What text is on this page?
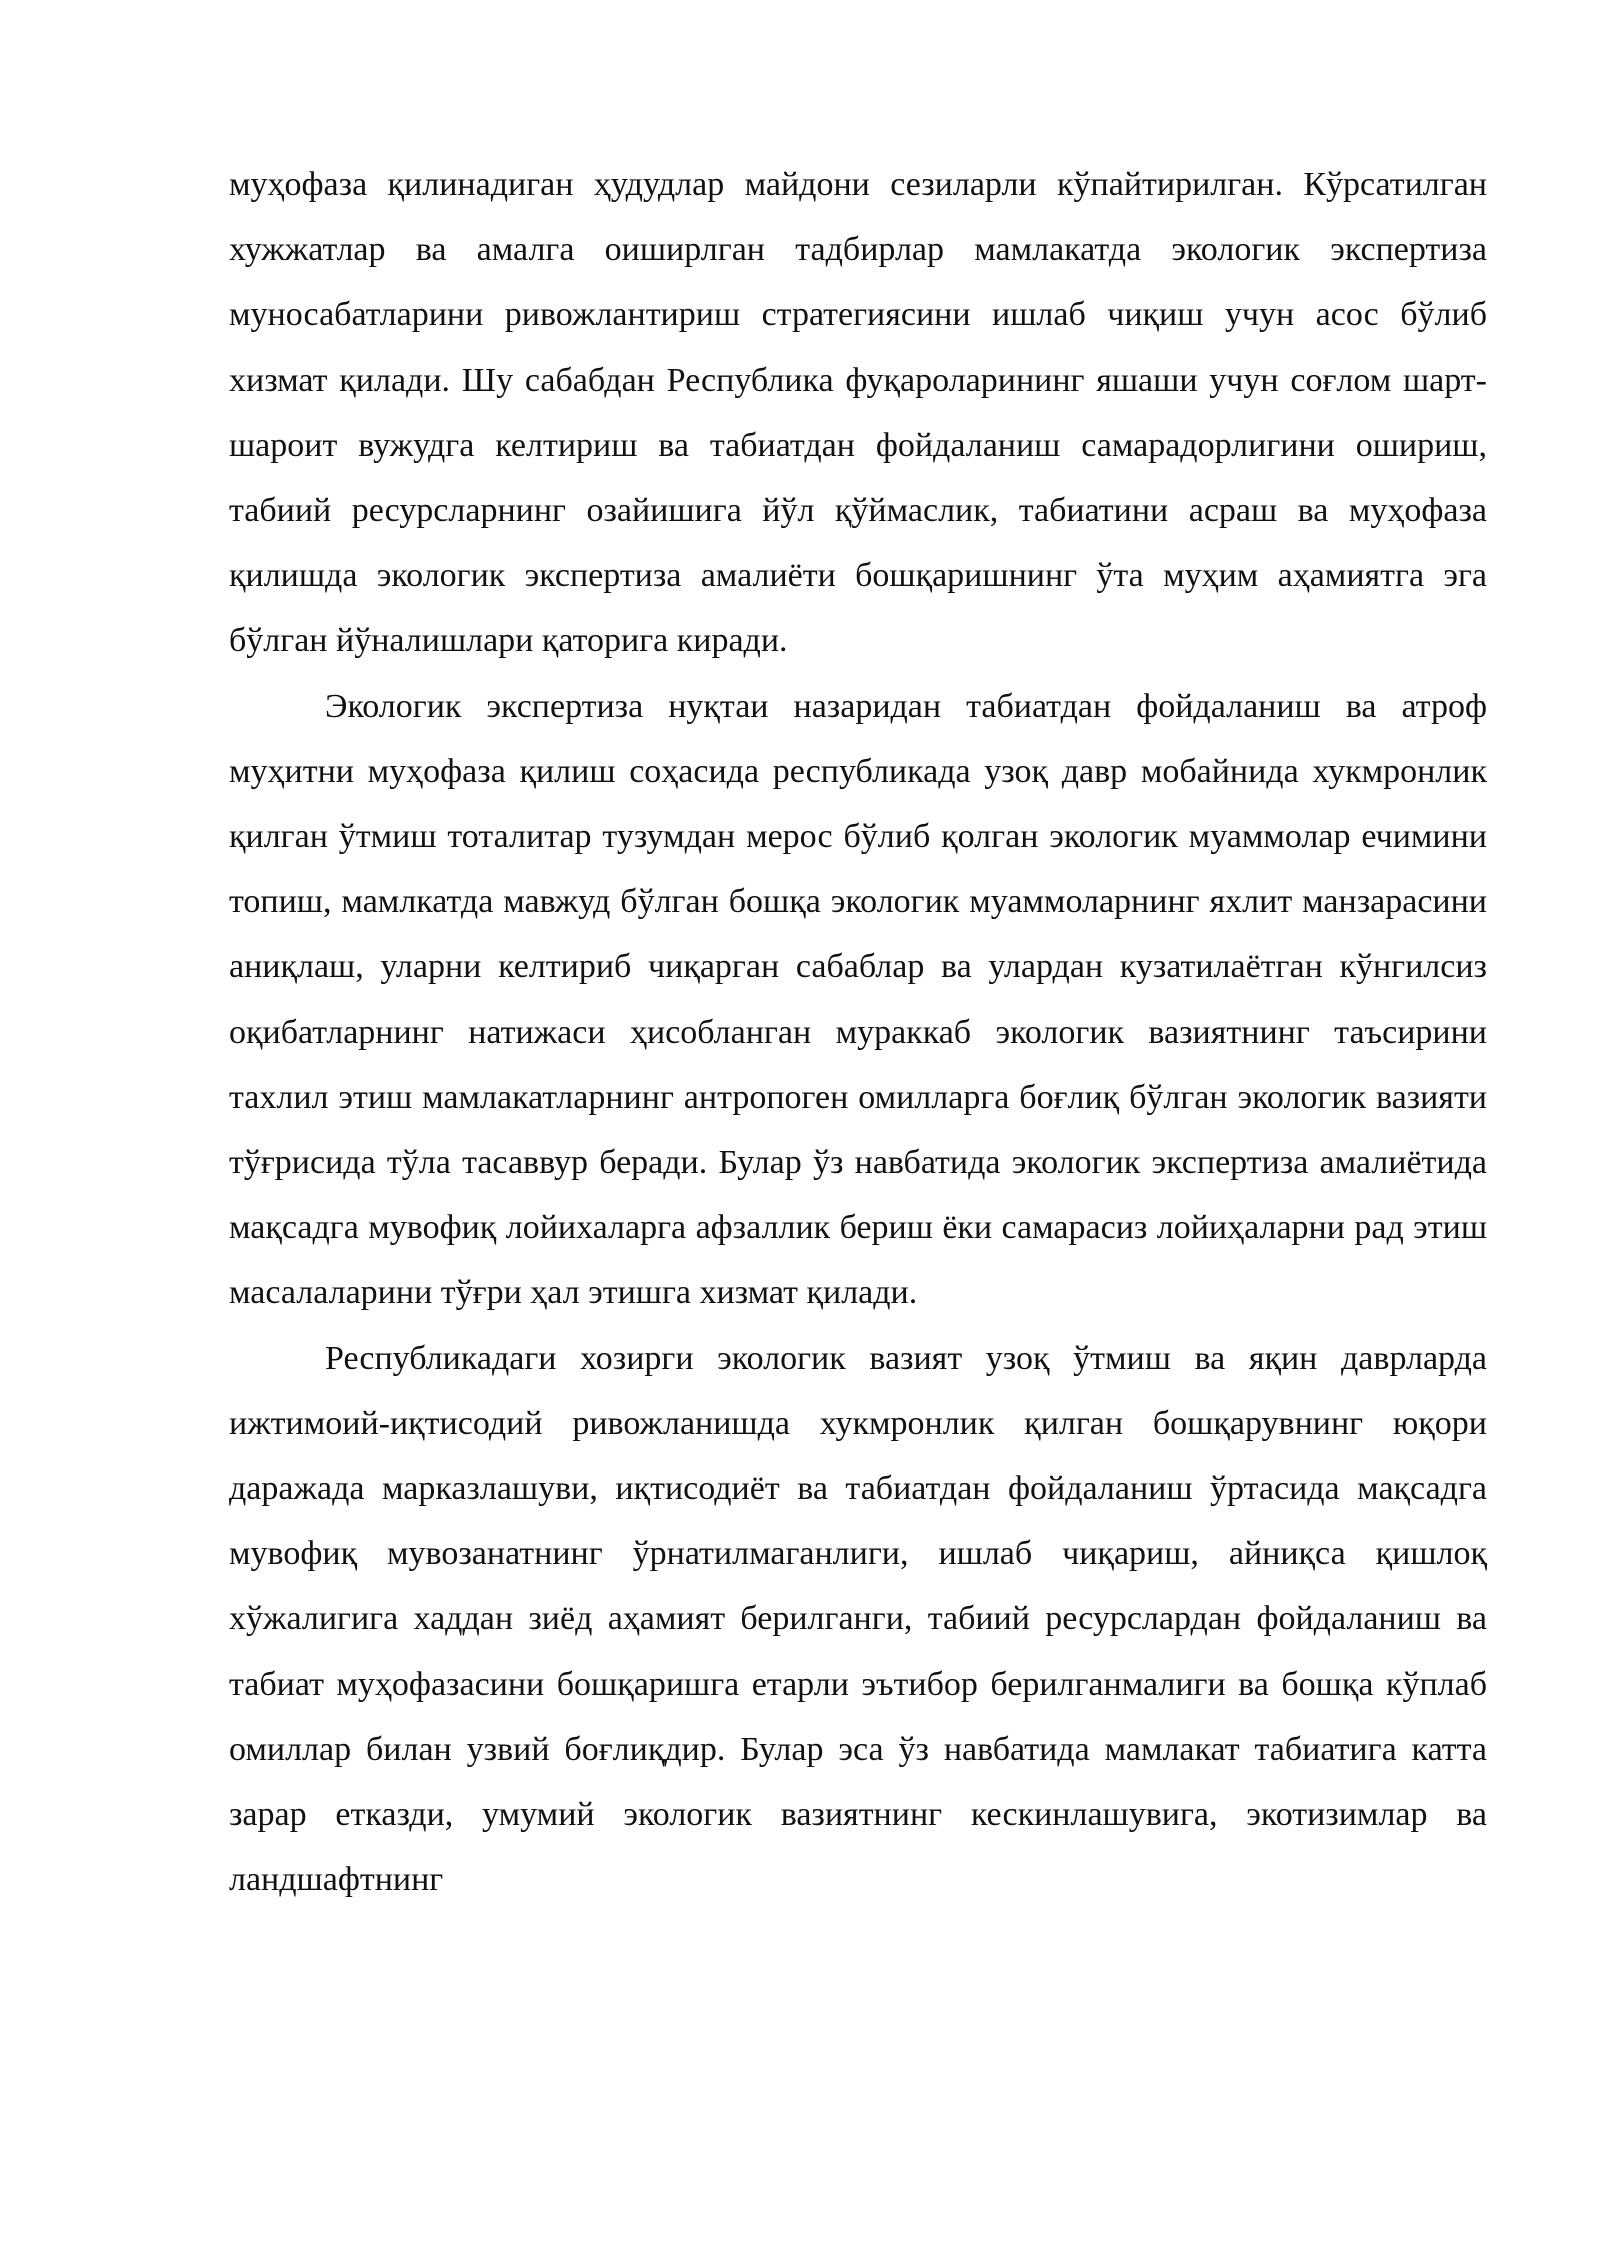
муҳофаза қилинадиган ҳудудлар майдони сезиларли кўпайтирилган. Кўрсатилган хужжатлар ва амалга оиширлган тадбирлар мамлакатда экологик экспертиза муносабатларини ривожлантириш стратегиясини ишлаб чиқиш учун асос бўлиб хизмат қилади. Шу сабабдан Республика фуқароларининг яшаши учун соғлом шарт-шароит вужудга келтириш ва табиатдан фойдаланиш самарадорлигини ошириш, табиий ресурсларнинг озайишига йўл қўймаслик, табиатини асраш ва муҳофаза қилишда экологик экспертиза амалиёти бошқаришнинг ўта муҳим аҳамиятга эга бўлган йўналишлари қаторига киради.

Экологик экспертиза нуқтаи назаридан табиатдан фойдаланиш ва атроф муҳитни муҳофаза қилиш соҳасида республикада узоқ давр мобайнида хукмронлик қилган ўтмиш тоталитар тузумдан мерос бўлиб қолган экологик муаммолар ечимини топиш, мамлкатда мавжуд бўлган бошқа экологик муаммоларнинг яхлит манзарасини аниқлаш, уларни келтириб чиқарган сабаблар ва улардан кузатилаётган кўнгилсиз оқибатларнинг натижаси ҳисобланган мураккаб экологик вазиятнинг таъсирини тахлил этиш мамлакатларнинг антропоген омилларга боғлиқ бўлган экологик вазияти тўғрисида тўла тасаввур беради. Булар ўз навбатида экологик экспертиза амалиётида мақсадга мувофиқ лойихаларга афзаллик бериш ёки самарасиз лойиҳаларни рад этиш масалаларини тўғри ҳал этишга хизмат қилади.

Республикадаги хозирги экологик вазият узоқ ўтмиш ва яқин даврларда ижтимоий-иқтисодий ривожланишда хукмронлик қилган бошқарувнинг юқори даражада марказлашуви, иқтисодиёт ва табиатдан фойдаланиш ўртасида мақсадга мувофиқ мувозанатнинг ўрнатилмаганлиги, ишлаб чиқариш, айниқса қишлоқ хўжалигига хаддан зиёд аҳамият берилганги, табиий ресурслардан фойдаланиш ва табиат муҳофазасини бошқаришга етарли эътибор берилганмалиги ва бошқа кўплаб омиллар билан узвий боғлиқдир. Булар эса ўз навбатида мамлакат табиатига катта зарар етказди, умумий экологик вазиятнинг кескинлашувига, экотизимлар ва ландшафтнинг
